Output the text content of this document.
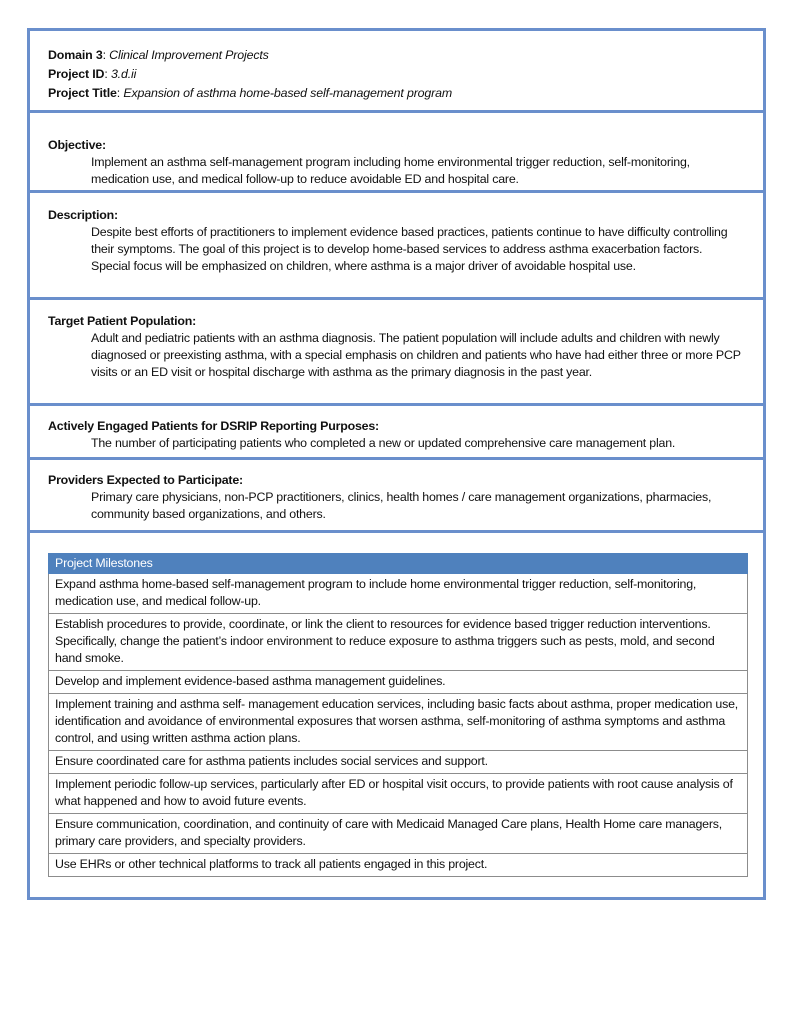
Domain 3: Clinical Improvement Projects
Project ID: 3.d.ii
Project Title: Expansion of asthma home-based self-management program
Objective:
Implement an asthma self-management program including home environmental trigger reduction, self-monitoring, medication use, and medical follow-up to reduce avoidable ED and hospital care.
Description:
Despite best efforts of practitioners to implement evidence based practices, patients continue to have difficulty controlling their symptoms. The goal of this project is to develop home-based services to address asthma exacerbation factors. Special focus will be emphasized on children, where asthma is a major driver of avoidable hospital use.
Target Patient Population:
Adult and pediatric patients with an asthma diagnosis. The patient population will include adults and children with newly diagnosed or preexisting asthma, with a special emphasis on children and patients who have had either three or more PCP visits or an ED visit or hospital discharge with asthma as the primary diagnosis in the past year.
Actively Engaged Patients for DSRIP Reporting Purposes:
The number of participating patients who completed a new or updated comprehensive care management plan.
Providers Expected to Participate:
Primary care physicians, non-PCP practitioners, clinics, health homes / care management organizations, pharmacies, community based organizations, and others.
Project Milestones
Expand asthma home-based self-management program to include home environmental trigger reduction, self-monitoring, medication use, and medical follow-up.
Establish procedures to provide, coordinate, or link the client to resources for evidence based trigger reduction interventions. Specifically, change the patient’s indoor environment to reduce exposure to asthma triggers such as pests, mold, and second hand smoke.
Develop and implement evidence-based asthma management guidelines.
Implement training and asthma self- management education services, including basic facts about asthma, proper medication use, identification and avoidance of environmental exposures that worsen asthma, self-monitoring of asthma symptoms and asthma control, and using written asthma action plans.
Ensure coordinated care for asthma patients includes social services and support.
Implement periodic follow-up services, particularly after ED or hospital visit occurs, to provide patients with root cause analysis of what happened and how to avoid future events.
Ensure communication, coordination, and continuity of care with Medicaid Managed Care plans, Health Home care managers, primary care providers, and specialty providers.
Use EHRs or other technical platforms to track all patients engaged in this project.
